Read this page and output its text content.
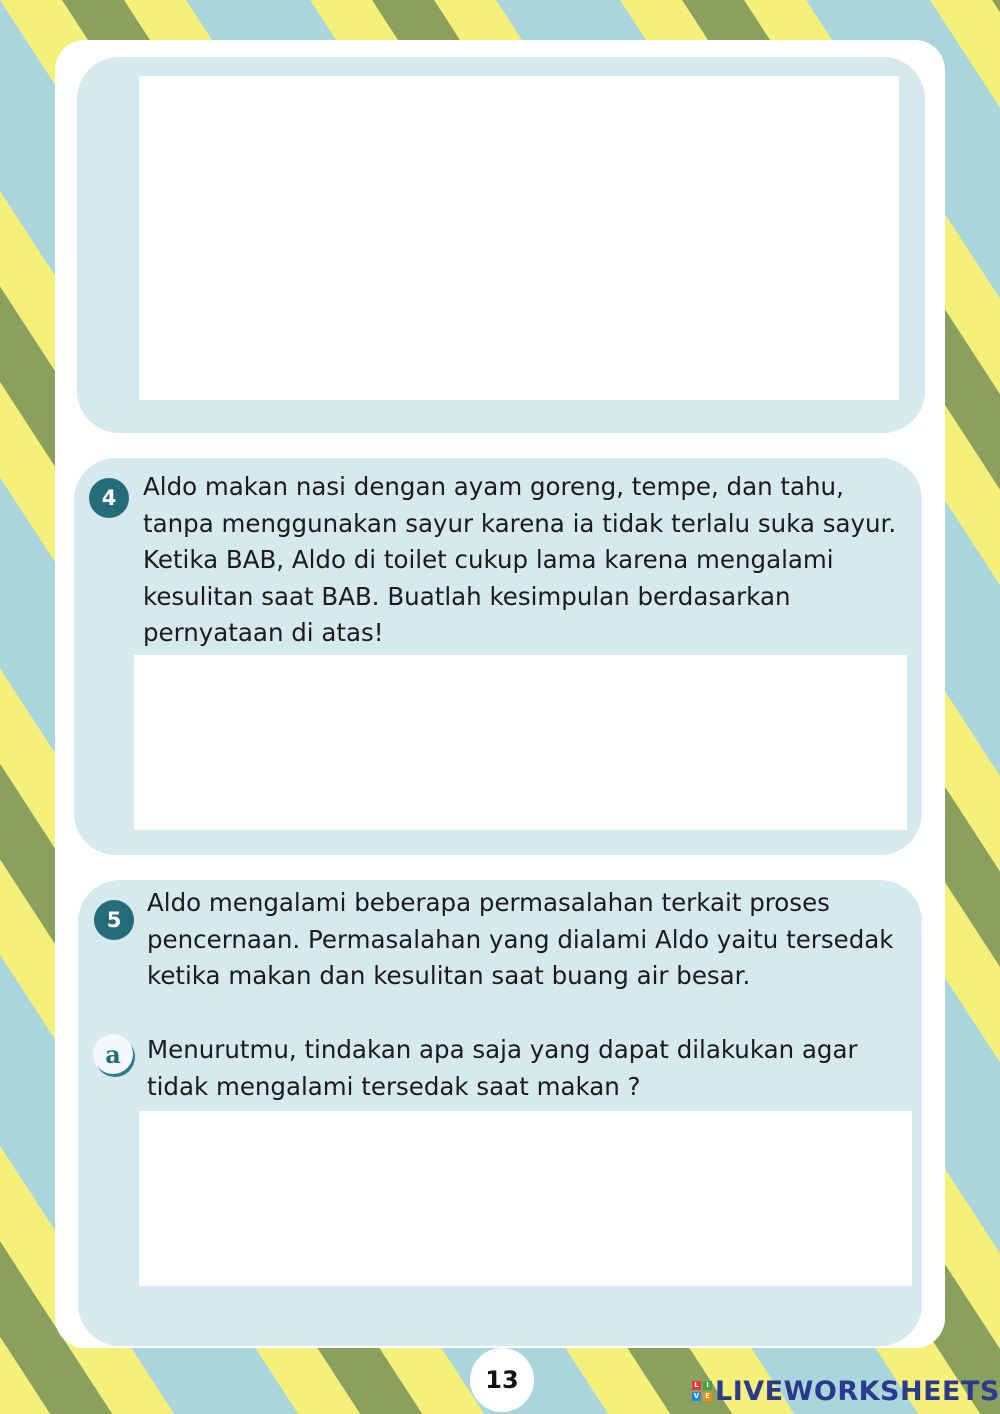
4	Aldo makan nasi dengan ayam goreng, tempe, dan tahu,
tanpa menggunakan sayur karena ia tidak terlalu suka sayur.
Ketika BAB, Aldo di toilet cukup lama karena mengalami
kesulitan saat BAB. Buatlah kesimpulan berdasarkan
pernyataan di atas!
5
Aldo mengalami beberapa permasalahan terkait proses
pencernaan. Permasalahan yang dialami Aldo yaitu tersedak
ketika makan dan kesulitan saat buang air besar.
a	Menurutmu, tindakan apa saja yang dapat dilakukan agar
tidak mengalami tersedak saat makan ?
13	L	I
V E LIVEWORKSHEETS
